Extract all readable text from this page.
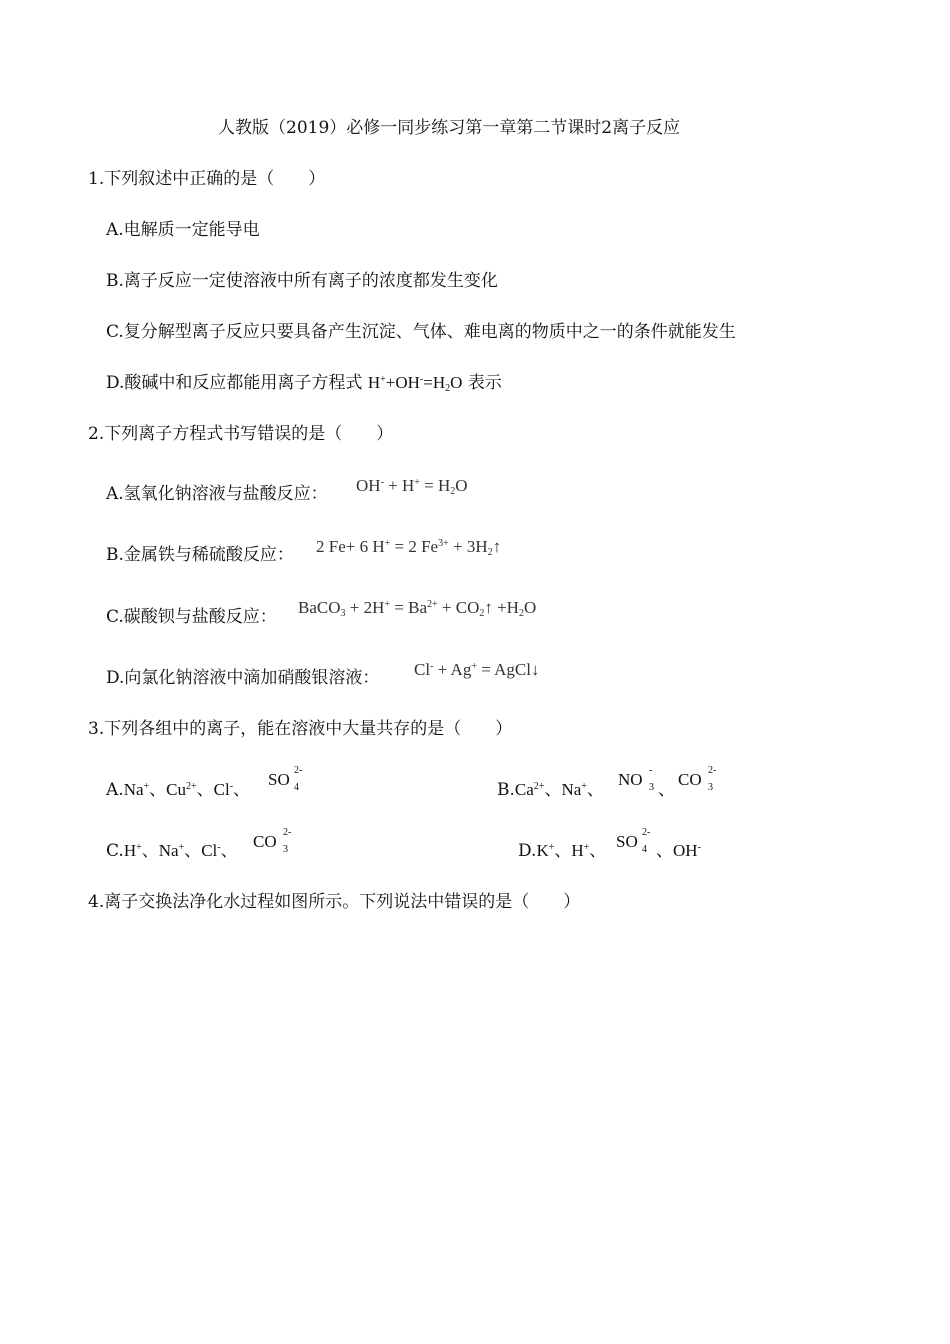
人教版（2019）必修一同步练习第一章第二节课时2离子反应
1.下列叙述中正确的是（　　）
A.电解质一定能导电
B.离子反应一定使溶液中所有离子的浓度都发生变化
C.复分解型离子反应只要具备产生沉淀、气体、难电离的物质中之一的条件就能发生
D.酸碱中和反应都能用离子方程式 $H^++OH^-=H_2O$ 表示
2.下列离子方程式书写错误的是（　　）
A.氢氧化钠溶液与盐酸反应： $OH^- + H^+ = H_2O$
B.金属铁与稀硫酸反应： 2 Fe+ 6 H+ = 2 $Fe^{3+}$ + $3H_2↑$
C.碳酸钡与盐酸反应： BaCO$_3$ + $2H^+ = Ba^{2+}$ + $CO_2↑ +H_2O$
D.向氯化钠溶液中滴加硝酸银溶液： Cl- + Ag+ = AgCl↓
3.下列各组中的离子，能在溶液中大量共存的是（　　）
A.Na+、$Cu^{2+}$、Cl-、
SO 2-
4	$B.Ca^{2+}$、Na+、
NO -
3 、
CO 2-
3
C.H+、Na+、Cl-、 CO 2-
3	D.K+、H+、 SO 2-
4 、OH-
4.离子交换法净化水过程如图所示。下列说法中错误的是（　　）
